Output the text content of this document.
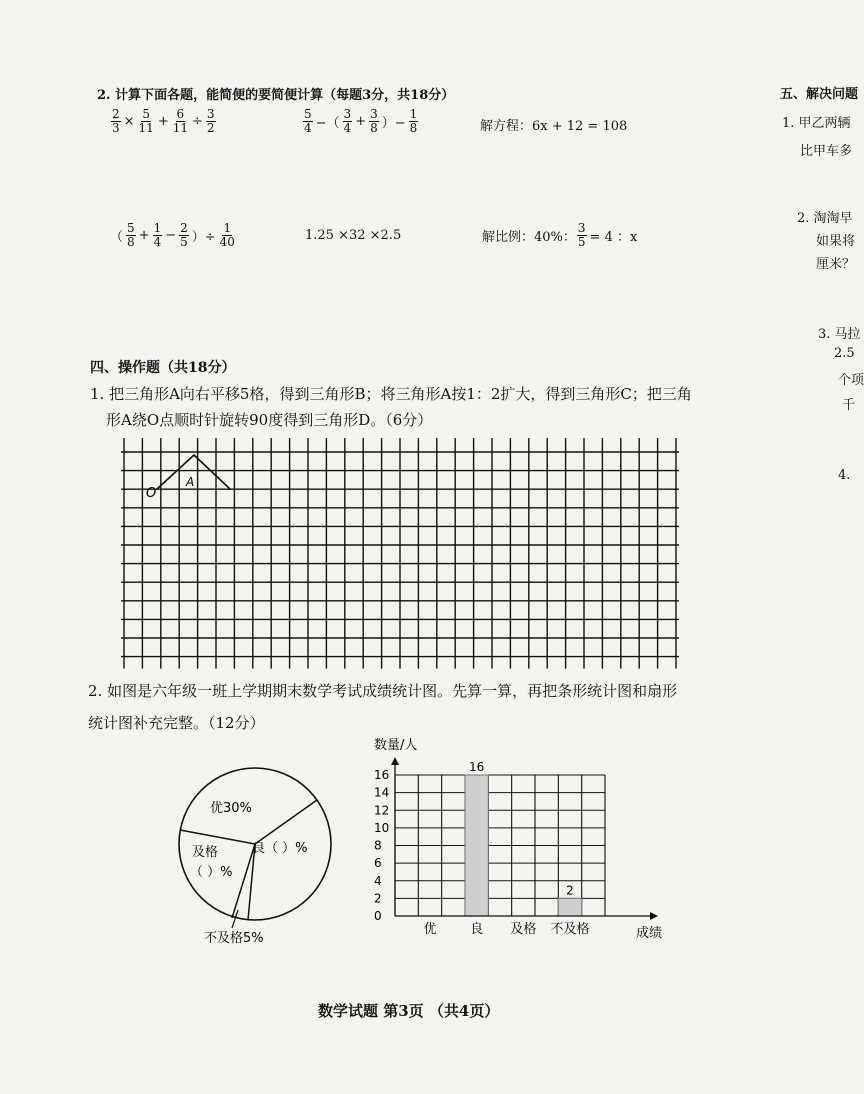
2. 计算下面各题，能简便的要简便计算（每题3分，共18分）
$\frac{2}{3} \times \frac{5}{11} + \frac{6}{11} \div \frac{3}{2}$	$\frac{5}{4}$ −（ $\frac{3}{4} + \frac{3}{8}$ ）− $\frac{1}{8}$	解方程：6x + 12 = 108
（ $\frac{5}{8} + \frac{1}{4} - \frac{2}{5}$ ）÷ $\frac{1}{40}$	1.25 ×32 ×2.5	解比例：40%： $\frac{3}{5} = 4$ ：x
四、操作题（共18分）
1. 把三角形A向右平移5格，得到三角形B；将三角形A按1：2扩大，得到三角形C；把三角
形A绕O点顺时针旋转90度得到三角形D。（6分）
O
A
2. 如图是六年级一班上学期期末数学考试成绩统计图。先算一算，再把条形统计图和扇形
统计图补充完整。（12分）
优30%
良（ ）%
及格
（ ）%
不及格5%
数量/人
16
2
0
2
4
6
8
10
12
14
16
优	良 及格 不及格	成绩
五、解决问题
1. 甲乙两辆
比甲车多
2. 淘淘早
如果将
厘米？
3. 马拉
2.5
个项
千
4.
数学试题 第3页 （共4页）
